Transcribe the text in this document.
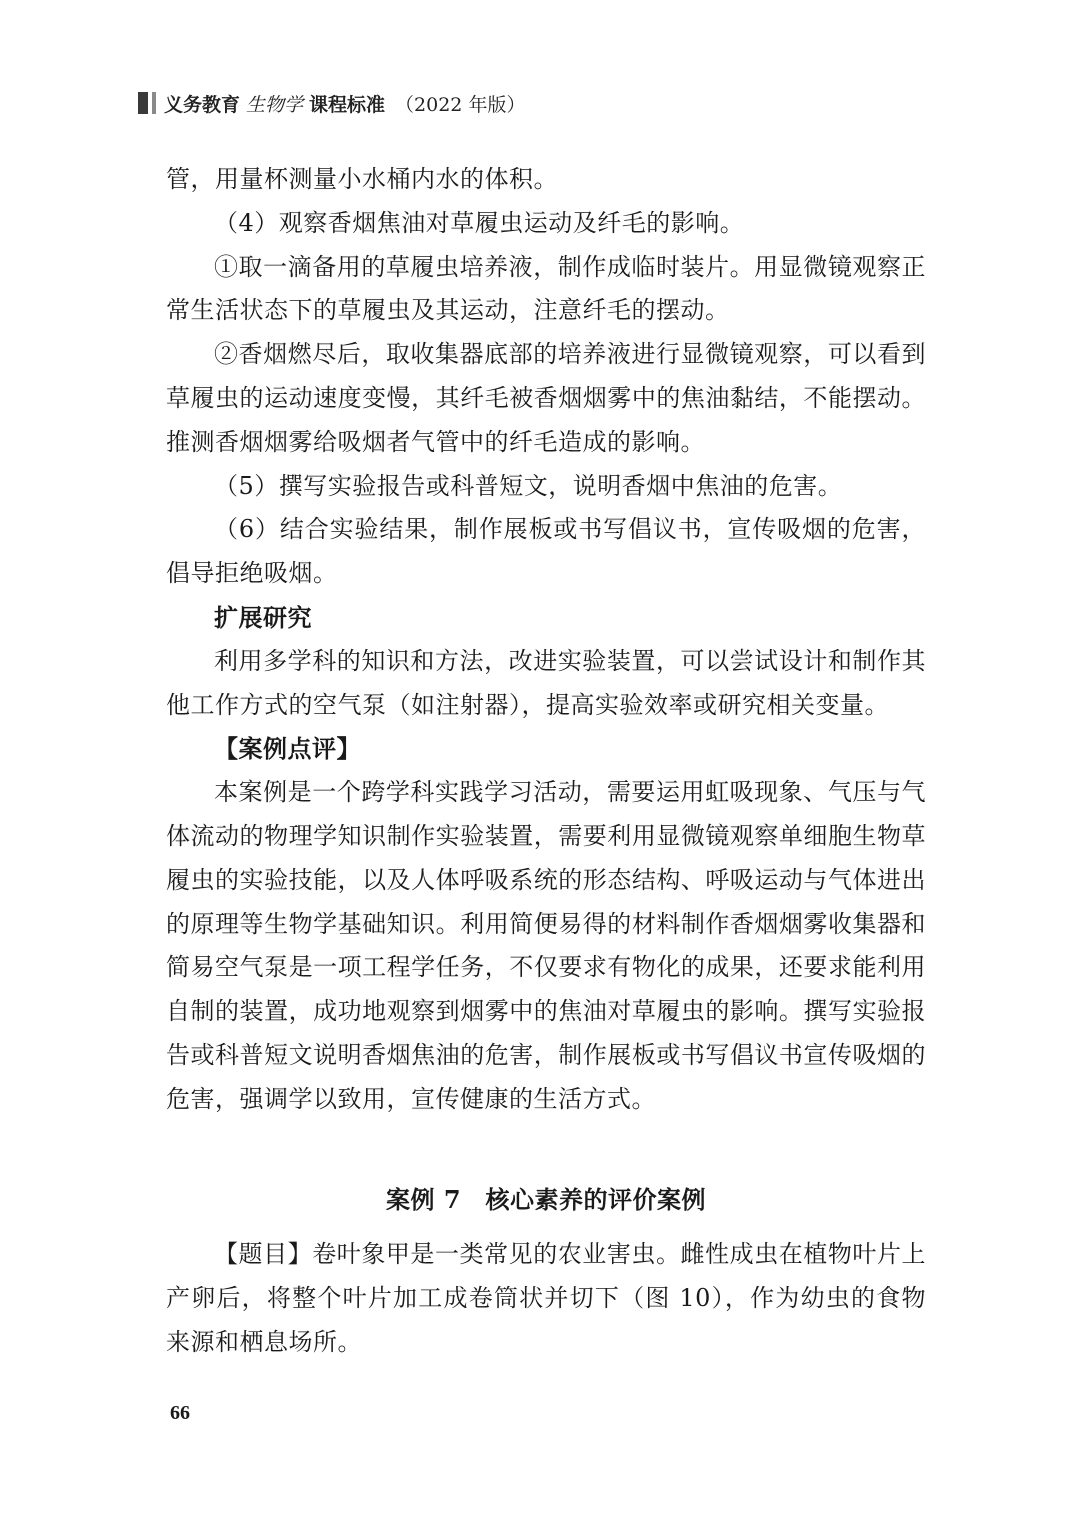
义务教育 生物学 课程标准 （2022 年版）

管，用量杯测量小水桶内水的体积。

（4）观察香烟焦油对草履虫运动及纤毛的影响。

①取一滴备用的草履虫培养液，制作成临时装片。用显微镜观察正常生活状态下的草履虫及其运动，注意纤毛的摆动。

②香烟燃尽后，取收集器底部的培养液进行显微镜观察，可以看到草履虫的运动速度变慢，其纤毛被香烟烟雾中的焦油黏结，不能摆动。推测香烟烟雾给吸烟者气管中的纤毛造成的影响。

（5）撰写实验报告或科普短文，说明香烟中焦油的危害。

（6）结合实验结果，制作展板或书写倡议书，宣传吸烟的危害，倡导拒绝吸烟。

扩展研究

利用多学科的知识和方法，改进实验装置，可以尝试设计和制作其他工作方式的空气泵（如注射器），提高实验效率或研究相关变量。

【案例点评】

本案例是一个跨学科实践学习活动，需要运用虹吸现象、气压与气体流动的物理学知识制作实验装置，需要利用显微镜观察单细胞生物草履虫的实验技能，以及人体呼吸系统的形态结构、呼吸运动与气体进出的原理等生物学基础知识。利用简便易得的材料制作香烟烟雾收集器和简易空气泵是一项工程学任务，不仅要求有物化的成果，还要求能利用自制的装置，成功地观察到烟雾中的焦油对草履虫的影响。撰写实验报告或科普短文说明香烟焦油的危害，制作展板或书写倡议书宣传吸烟的危害，强调学以致用，宣传健康的生活方式。

案例 7　核心素养的评价案例

【题目】卷叶象甲是一类常见的农业害虫。雌性成虫在植物叶片上产卵后，将整个叶片加工成卷筒状并切下（图 10），作为幼虫的食物来源和栖息场所。

66
